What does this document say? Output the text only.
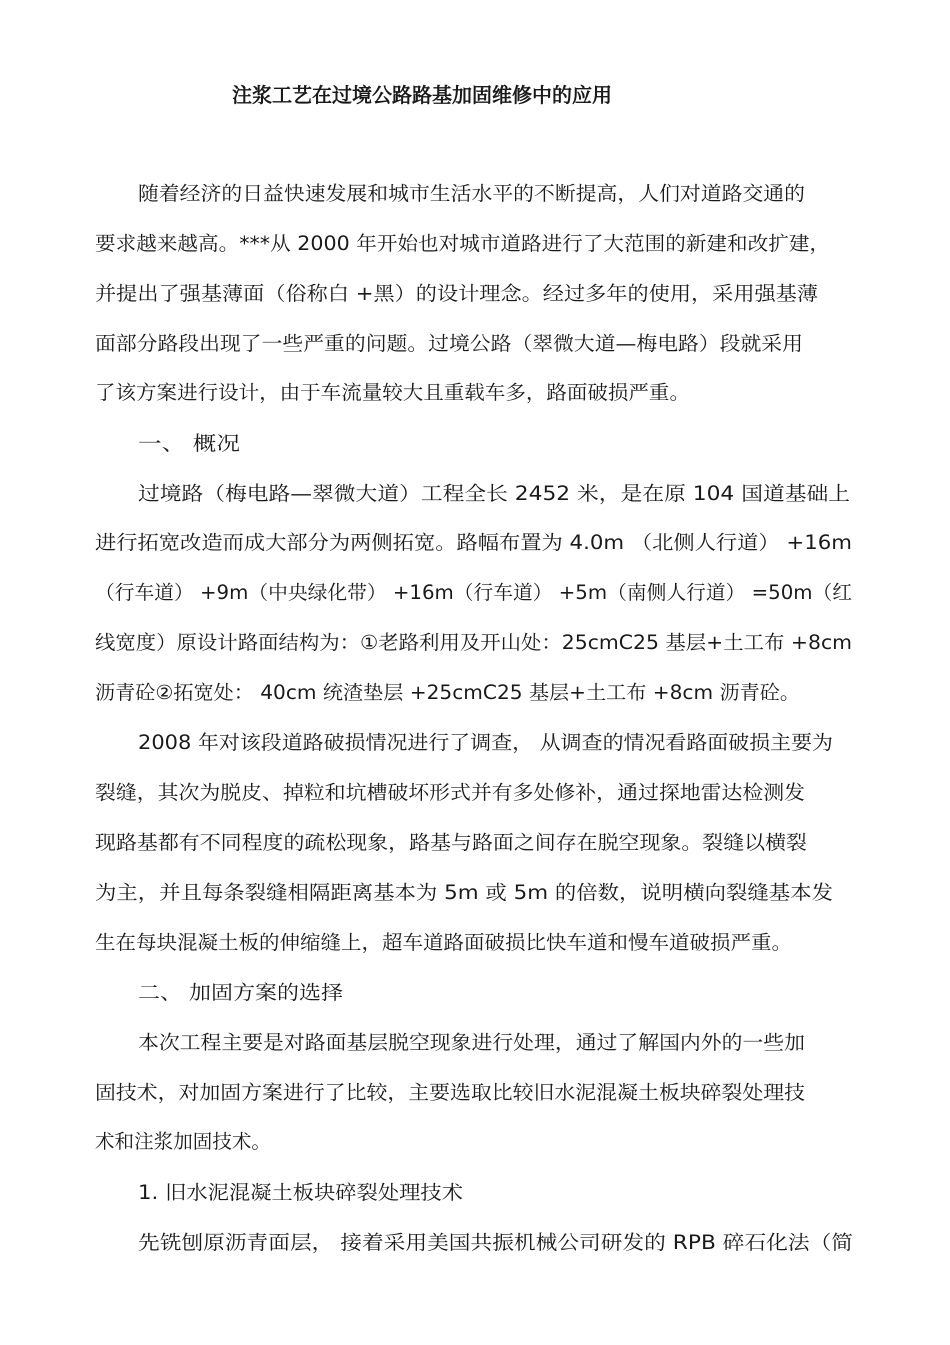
注浆工艺在过境公路路基加固维修中的应用

随着经济的日益快速发展和城市生活水平的不断提高，人们对道路交通的

要求越来越高。***从 2000 年开始也对城市道路进行了大范围的新建和改扩建，

并提出了强基薄面（俗称白 +黑）的设计理念。经过多年的使用，采用强基薄

面部分路段出现了一些严重的问题。过境公路（翠微大道—梅电路）段就采用

了该方案进行设计，由于车流量较大且重载车多，路面破损严重。

一、 概况

过境路（梅电路—翠微大道）工程全长 2452 米，是在原 104 国道基础上

进行拓宽改造而成大部分为两侧拓宽。路幅布置为 4.0m （北侧人行道） +16m

（行车道） +9m（中央绿化带） +16m（行车道） +5m（南侧人行道） =50m（红

线宽度）原设计路面结构为：①老路利用及开山处：25cmC25 基层+土工布 +8cm

沥青砼②拓宽处： 40cm 统渣垫层 +25cmC25 基层+土工布 +8cm 沥青砼。

2008 年对该段道路破损情况进行了调查， 从调查的情况看路面破损主要为

裂缝，其次为脱皮、掉粒和坑槽破坏形式并有多处修补，通过探地雷达检测发

现路基都有不同程度的疏松现象，路基与路面之间存在脱空现象。裂缝以横裂

为主，并且每条裂缝相隔距离基本为 5m 或 5m 的倍数，说明横向裂缝基本发

生在每块混凝土板的伸缩缝上，超车道路面破损比快车道和慢车道破损严重。

二、 加固方案的选择

本次工程主要是对路面基层脱空现象进行处理，通过了解国内外的一些加

固技术，对加固方案进行了比较，主要选取比较旧水泥混凝土板块碎裂处理技

术和注浆加固技术。

1. 旧水泥混凝土板块碎裂处理技术

先铣刨原沥青面层， 接着采用美国共振机械公司研发的 RPB 碎石化法（简
